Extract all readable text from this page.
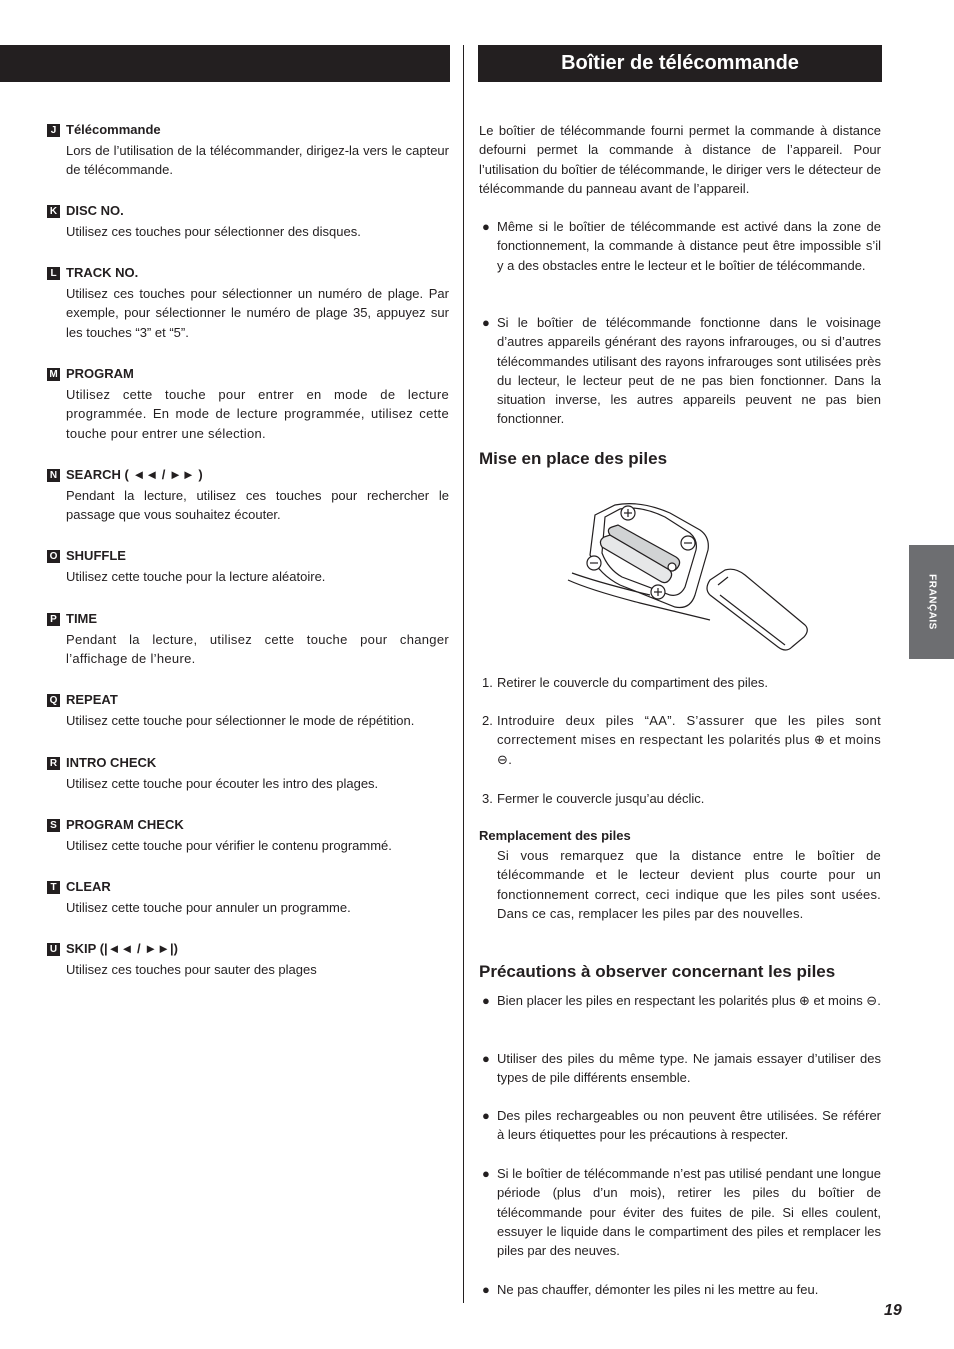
Boîtier de télécommande
J Télécommande
Lors de l’utilisation de la télécommander, dirigez-la vers le capteur de télécommande.
K DISC NO.
Utilisez ces touches pour sélectionner des disques.
L TRACK NO.
Utilisez ces touches pour sélectionner un numéro de plage. Par exemple, pour sélectionner le numéro de plage 35, appuyez sur les touches “3” et “5”.
M PROGRAM
Utilisez cette touche pour entrer en mode de lecture programmée. En mode de lecture programmée, utilisez cette touche pour entrer une sélection.
N SEARCH ( ◄◄ / ►► )
Pendant la lecture, utilisez ces touches pour rechercher le passage que vous souhaitez écouter.
O SHUFFLE
Utilisez cette touche pour la lecture aléatoire.
P TIME
Pendant la lecture, utilisez cette touche pour changer l’affichage de l’heure.
Q REPEAT
Utilisez cette touche pour sélectionner le mode de répétition.
R INTRO CHECK
Utilisez cette touche pour écouter les intro des plages.
S PROGRAM CHECK
Utilisez cette touche pour vérifier le contenu programmé.
T CLEAR
Utilisez cette touche pour annuler un programme.
U SKIP (|◄◄ / ►►|)
Utilisez ces touches pour sauter des plages
Le boîtier de télécommande fourni permet la commande à distance defourni permet la commande à distance de l’appareil. Pour l’utilisation du boîtier de télécommande, le diriger vers le détecteur de télécommande du panneau avant de l’appareil.
● Même si le boîtier de télécommande est activé dans la zone de fonctionnement, la commande à distance peut être impossible s’il y a des obstacles entre le lecteur et le boîtier de télécommande.
● Si le boîtier de télécommande fonctionne dans le voisinage d’autres appareils générant des rayons infrarouges, ou si d’autres télécommandes utilisant des rayons infrarouges sont utilisées près du lecteur, le lecteur peut de ne pas bien fonctionner. Dans la situation inverse, les autres appareils peuvent ne pas bien fonctionner.
Mise en place des piles
1. Retirer le couvercle du compartiment des piles.
2. Introduire deux piles “AA”. S’assurer que les piles sont correctement mises en respectant les polarités plus ⊕ et moins ⊖.
3. Fermer le couvercle jusqu’au déclic.
Remplacement des piles
Si vous remarquez que la distance entre le boîtier de télécommande et le lecteur devient plus courte pour un fonctionnement correct, ceci indique que les piles sont usées. Dans ce cas, remplacer les piles par des nouvelles.
Précautions à observer concernant les piles
● Bien placer les piles en respectant les polarités plus ⊕ et moins ⊖.
● Utiliser des piles du même type. Ne jamais essayer d’utiliser des types de pile différents ensemble.
● Des piles rechargeables ou non peuvent être utilisées. Se référer à leurs étiquettes pour les précautions à respecter.
● Si le boîtier de télécommande n’est pas utilisé pendant une longue période (plus d’un mois), retirer les piles du boîtier de télécommande pour éviter des fuites de pile. Si elles coulent, essuyer le liquide dans le compartiment des piles et remplacer les piles par des neuves.
● Ne pas chauffer, démonter les piles ni les mettre au feu.
FRANÇAIS
19
